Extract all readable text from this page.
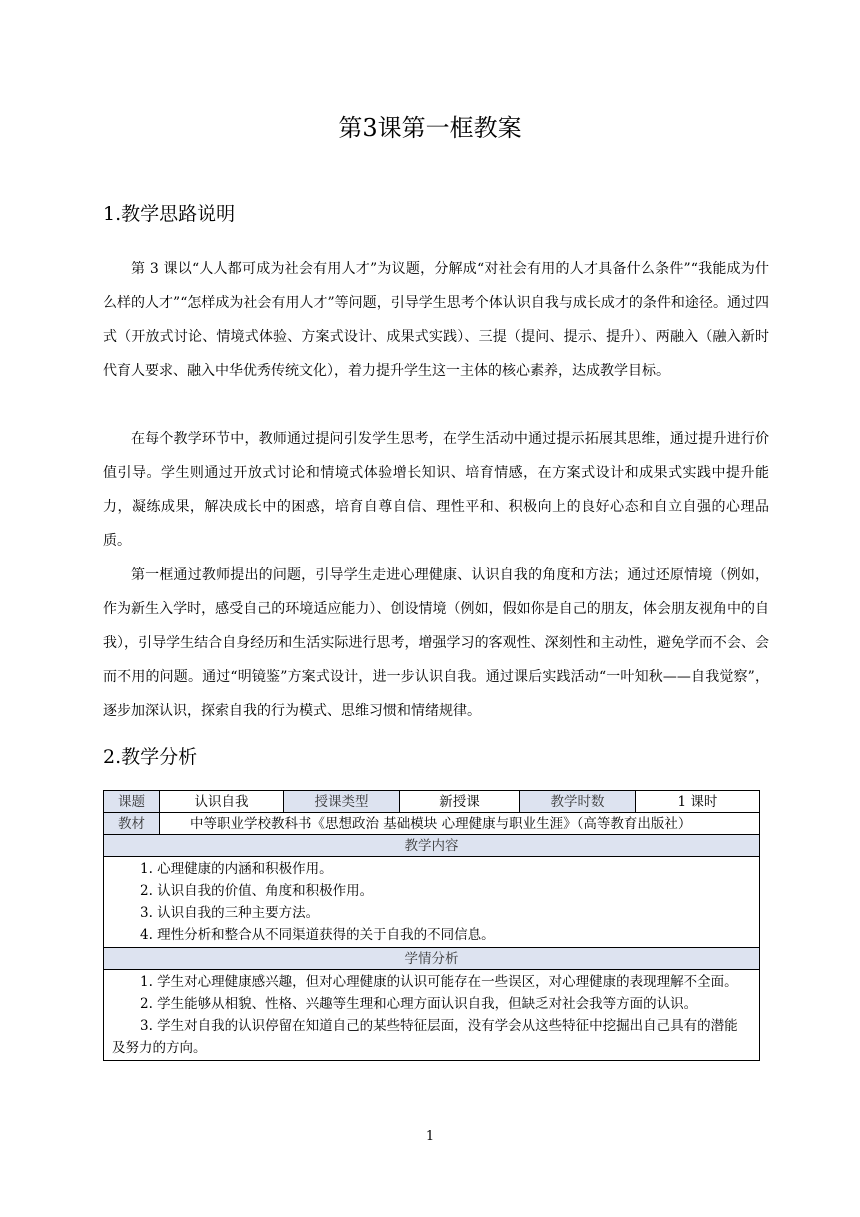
第3课第一框教案
1.教学思路说明

第 3 课以“人人都可成为社会有用人才”为议题，分解成“对社会有用的人才具备什么条件”“我能成为什么样的人才”“怎样成为社会有用人才”等问题，引导学生思考个体认识自我与成长成才的条件和途径。通过四式（开放式讨论、情境式体验、方案式设计、成果式实践）、三提（提问、提示、提升）、两融入（融入新时代育人要求、融入中华优秀传统文化），着力提升学生这一主体的核心素养，达成教学目标。

在每个教学环节中，教师通过提问引发学生思考，在学生活动中通过提示拓展其思维，通过提升进行价值引导。学生则通过开放式讨论和情境式体验增长知识、培育情感，在方案式设计和成果式实践中提升能力，凝练成果，解决成长中的困惑，培育自尊自信、理性平和、积极向上的良好心态和自立自强的心理品质。

第一框通过教师提出的问题，引导学生走进心理健康、认识自我的角度和方法；通过还原情境（例如，作为新生入学时，感受自己的环境适应能力）、创设情境（例如，假如你是自己的朋友，体会朋友视角中的自我），引导学生结合自身经历和生活实际进行思考，增强学习的客观性、深刻性和主动性，避免学而不会、会而不用的问题。通过“明镜鉴”方案式设计，进一步认识自我。通过课后实践活动“一叶知秋——自我觉察”，逐步加深认识，探索自我的行为模式、思维习惯和情绪规律。

2.教学分析
课题	认识自我	授课类型	新授课	教学时数	1 课时
教材	中等职业学校教科书《思想政治 基础模块 心理健康与职业生涯》（高等教育出版社）				
教学内容					

1. 心理健康的内涵和积极作用。
2. 认识自我的价值、角度和积极作用。
3. 认识自我的三种主要方法。
4. 理性分析和整合从不同渠道获得的关于自我的不同信息。					

学情分析					

1. 学生对心理健康感兴趣，但对心理健康的认识可能存在一些误区，对心理健康的表现理解不全面。
2. 学生能够从相貌、性格、兴趣等生理和心理方面认识自我，但缺乏对社会我等方面的认识。
3. 学生对自我的认识停留在知道自己的某些特征层面，没有学会从这些特征中挖掘出自己具有的潜能及努力的方向。					
1
